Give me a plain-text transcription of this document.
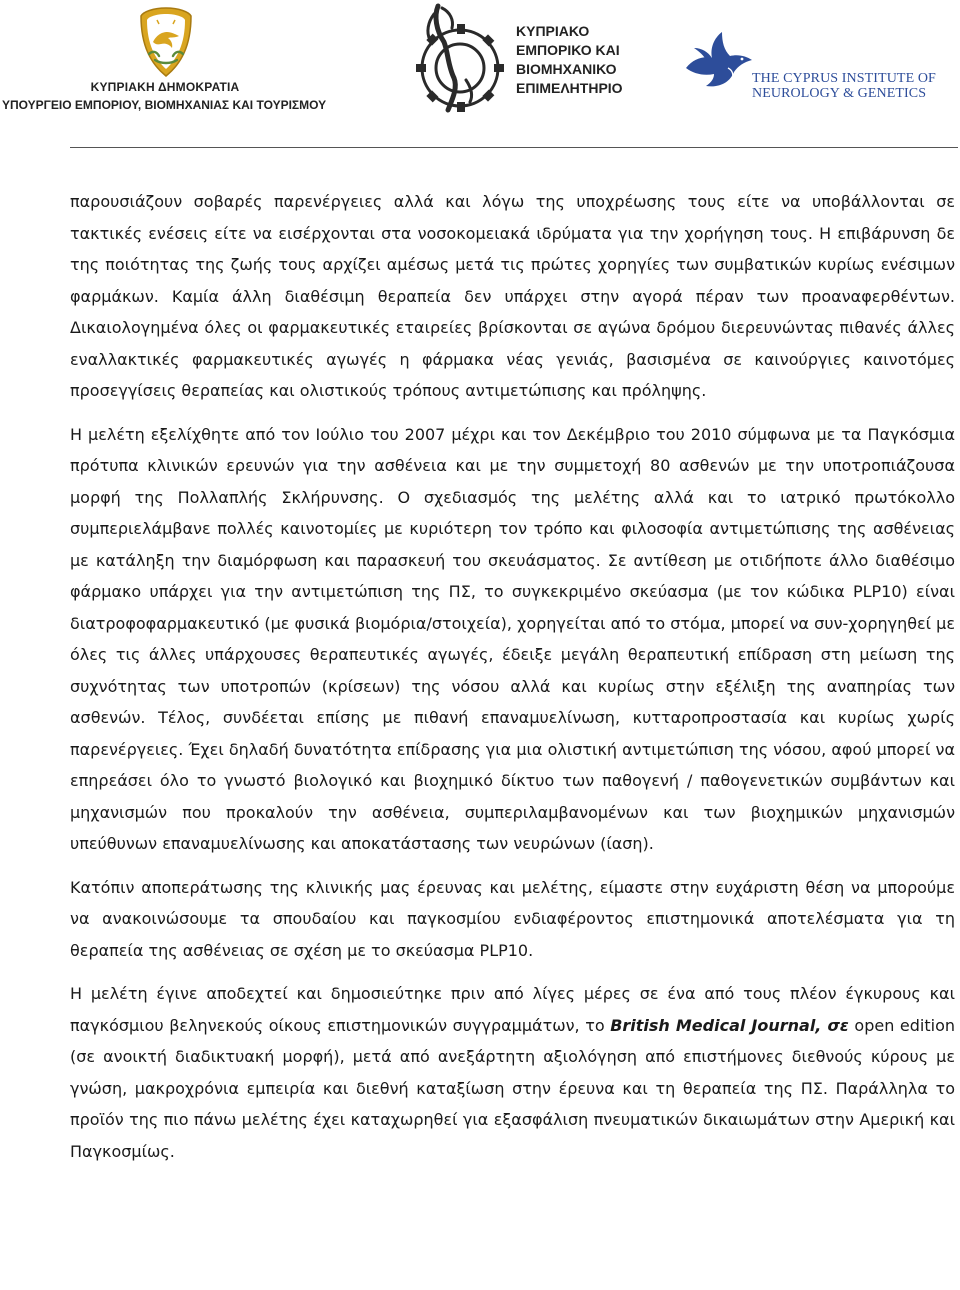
ΚΥΠΡΙΑΚΗ ΔΗΜΟΚΡΑΤΙΑ
ΥΠΟΥΡΓΕΙΟ ΕΜΠΟΡΙΟΥ, ΒΙΟΜΗΧΑΝΙΑΣ ΚΑΙ ΤΟΥΡΙΣΜΟΥ
ΚΥΠΡΙΑΚΟ
ΕΜΠΟΡΙΚΟ ΚΑΙ
ΒΙΟΜΗΧΑΝΙΚΟ
ΕΠΙΜΕΛΗΤΗΡΙΟ
THE CYPRUS INSTITUTE OF
NEUROLOGY & GENETICS

παρουσιάζουν σοβαρές παρενέργειες αλλά και λόγω της υποχρέωσης τους είτε να υποβάλλονται σε τακτικές ενέσεις είτε να εισέρχονται στα νοσοκομειακά ιδρύματα για την χορήγηση τους. Η επιβάρυνση δε της ποιότητας της ζωής τους αρχίζει αμέσως μετά τις πρώτες χορηγίες των συμβατικών κυρίως ενέσιμων φαρμάκων. Καμία άλλη διαθέσιμη θεραπεία δεν υπάρχει στην αγορά πέραν των προαναφερθέντων. Δικαιολογημένα όλες οι φαρμακευτικές εταιρείες βρίσκονται σε αγώνα δρόμου διερευνώντας πιθανές άλλες εναλλακτικές φαρμακευτικές αγωγές η φάρμακα νέας γενιάς, βασισμένα σε καινούργιες καινοτόμες προσεγγίσεις θεραπείας και ολιστικούς τρόπους αντιμετώπισης και πρόληψης.

Η μελέτη εξελίχθητε από τον Ιούλιο του 2007 μέχρι και τον Δεκέμβριο του 2010 σύμφωνα με τα Παγκόσμια πρότυπα κλινικών ερευνών για την ασθένεια και με την συμμετοχή 80 ασθενών με την υποτροπιάζουσα μορφή της Πολλαπλής Σκλήρυνσης. Ο σχεδιασμός της μελέτης αλλά και το ιατρικό πρωτόκολλο συμπεριελάμβανε πολλές καινοτομίες με κυριότερη τον τρόπο και φιλοσοφία αντιμετώπισης της ασθένειας με κατάληξη την διαμόρφωση και παρασκευή του σκευάσματος. Σε αντίθεση με οτιδήποτε άλλο διαθέσιμο φάρμακο υπάρχει για την αντιμετώπιση της ΠΣ, το συγκεκριμένο σκεύασμα (με τον κώδικα PLP10) είναι διατροφοφαρμακευτικό (με φυσικά βιομόρια/στοιχεία), χορηγείται από το στόμα, μπορεί να συν-χορηγηθεί με όλες τις άλλες υπάρχουσες θεραπευτικές αγωγές, έδειξε μεγάλη θεραπευτική επίδραση στη μείωση της συχνότητας των υποτροπών (κρίσεων) της νόσου αλλά και κυρίως στην εξέλιξη της αναπηρίας των ασθενών. Τέλος, συνδέεται επίσης με πιθανή επαναμυελίνωση, κυτταροπροστασία και κυρίως χωρίς παρενέργειες. Έχει δηλαδή δυνατότητα επίδρασης για μια ολιστική αντιμετώπιση της νόσου, αφού μπορεί να επηρεάσει όλο το γνωστό βιολογικό και βιοχημικό δίκτυο των παθογενή / παθογενετικών συμβάντων και μηχανισμών που προκαλούν την ασθένεια, συμπεριλαμβανομένων και των βιοχημικών μηχανισμών υπεύθυνων επαναμυελίνωσης και αποκατάστασης των νευρώνων (ίαση).

Κατόπιν αποπεράτωσης της κλινικής μας έρευνας και μελέτης, είμαστε στην ευχάριστη θέση να μπορούμε να ανακοινώσουμε τα σπουδαίου και παγκοσμίου ενδιαφέροντος επιστημονικά αποτελέσματα για τη θεραπεία της ασθένειας σε σχέση με το σκεύασμα PLP10.

Η μελέτη έγινε αποδεχτεί και δημοσιεύτηκε πριν από λίγες μέρες σε ένα από τους πλέον έγκυρους και παγκόσμιου βεληνεκούς οίκους επιστημονικών συγγραμμάτων, το British Medical Journal, σε open edition (σε ανοικτή διαδικτυακή μορφή), μετά από ανεξάρτητη αξιολόγηση από επιστήμονες διεθνούς κύρους με γνώση, μακροχρόνια εμπειρία και διεθνή καταξίωση στην έρευνα και τη θεραπεία της ΠΣ. Παράλληλα το προϊόν της πιο πάνω μελέτης έχει καταχωρηθεί για εξασφάλιση πνευματικών δικαιωμάτων στην Αμερική και Παγκοσμίως.
